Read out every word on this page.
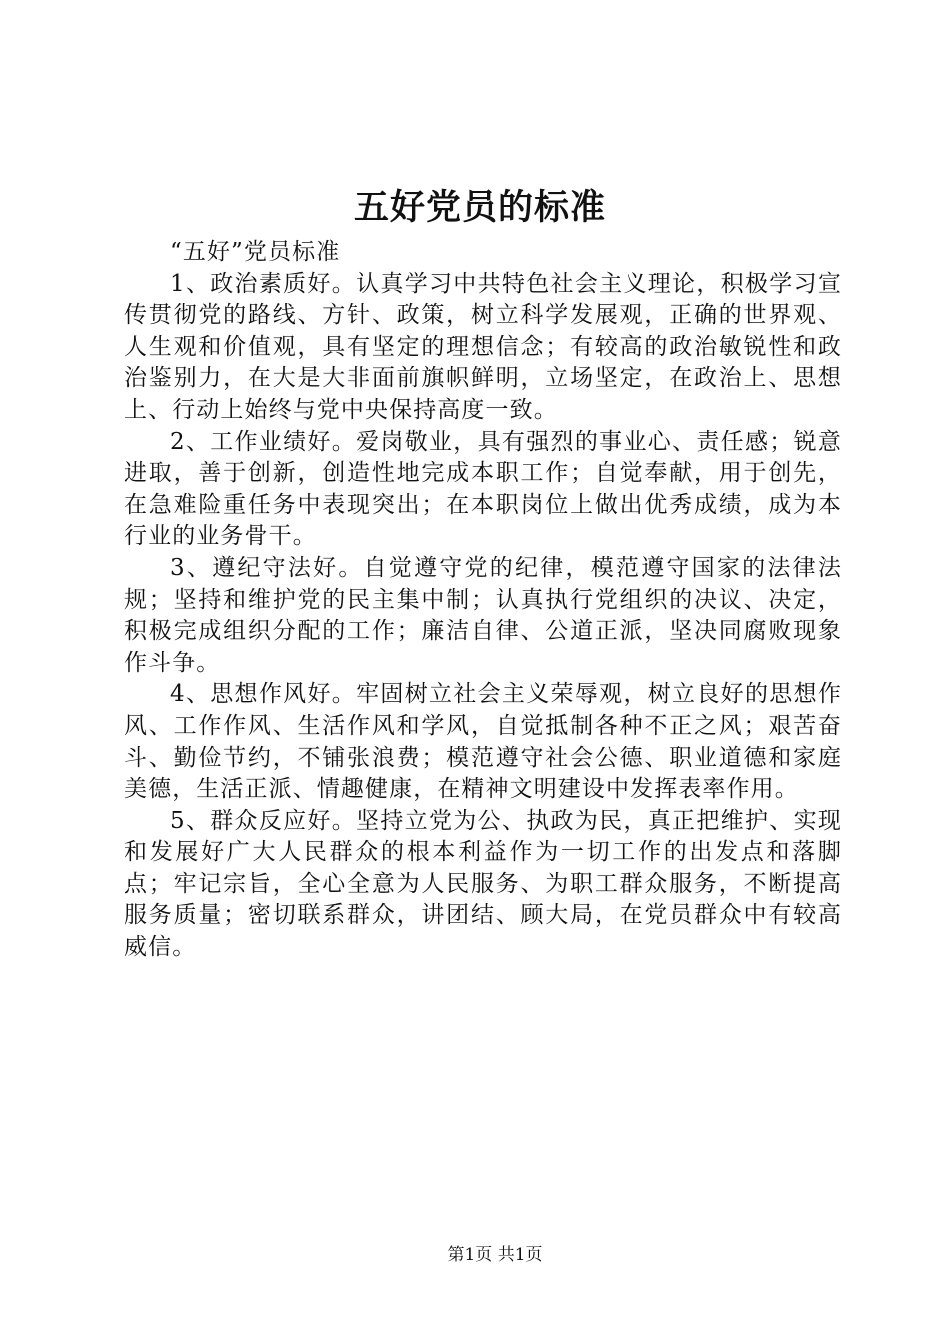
五好党员的标准

“五好”党员标准

1、政治素质好。认真学习中共特色社会主义理论，积极学习宣传贯彻党的路线、方针、政策，树立科学发展观，正确的世界观、人生观和价值观，具有坚定的理想信念；有较高的政治敏锐性和政治鉴别力，在大是大非面前旗帜鲜明，立场坚定，在政治上、思想上、行动上始终与党中央保持高度一致。

2、工作业绩好。爱岗敬业，具有强烈的事业心、责任感；锐意进取，善于创新，创造性地完成本职工作；自觉奉献，用于创先，在急难险重任务中表现突出；在本职岗位上做出优秀成绩，成为本行业的业务骨干。

3、遵纪守法好。自觉遵守党的纪律，模范遵守国家的法律法规；坚持和维护党的民主集中制；认真执行党组织的决议、决定，积极完成组织分配的工作；廉洁自律、公道正派，坚决同腐败现象作斗争。

4、思想作风好。牢固树立社会主义荣辱观，树立良好的思想作风、工作作风、生活作风和学风，自觉抵制各种不正之风；艰苦奋斗、勤俭节约，不铺张浪费；模范遵守社会公德、职业道德和家庭美德，生活正派、情趣健康，在精神文明建设中发挥表率作用。

5、群众反应好。坚持立党为公、执政为民，真正把维护、实现和发展好广大人民群众的根本利益作为一切工作的出发点和落脚点；牢记宗旨，全心全意为人民服务、为职工群众服务，不断提高服务质量；密切联系群众，讲团结、顾大局，在党员群众中有较高威信。

第1页 共1页
